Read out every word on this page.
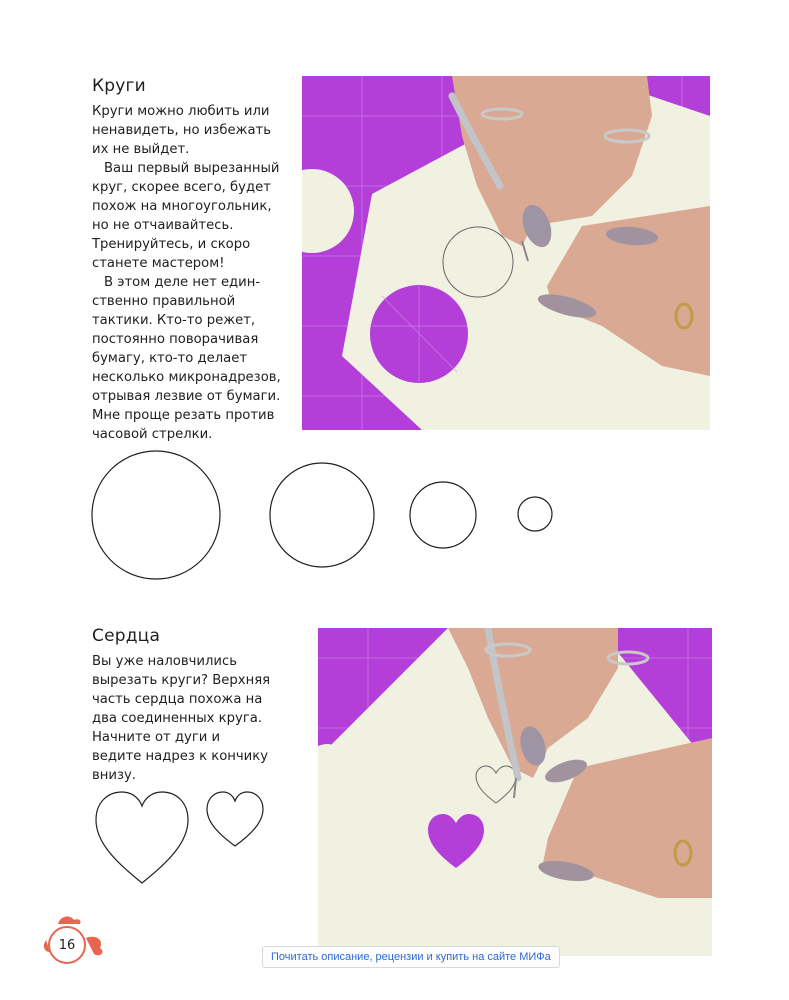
Круги

Круги можно любить или ненавидеть, но избежать их не выйдет.

Ваш первый вырезанный круг, скорее всего, будет похож на многоугольник, но не отчаивайтесь. Тренируйтесь, и скоро станете мастером!

В этом деле нет единственно правильной тактики. Кто-то режет, постоянно поворачивая бумагу, кто-то делает несколько микронадрезов, отрывая лезвие от бумаги. Мне проще резать против часовой стрелки.

Сердца

Вы уже наловчились вырезать круги? Верхняя часть сердца похожа на два соединенных круга. Начните от дуги и ведите надрез к кончику внизу.

16
Почитать описание, рецензии и купить на сайте МИФа
